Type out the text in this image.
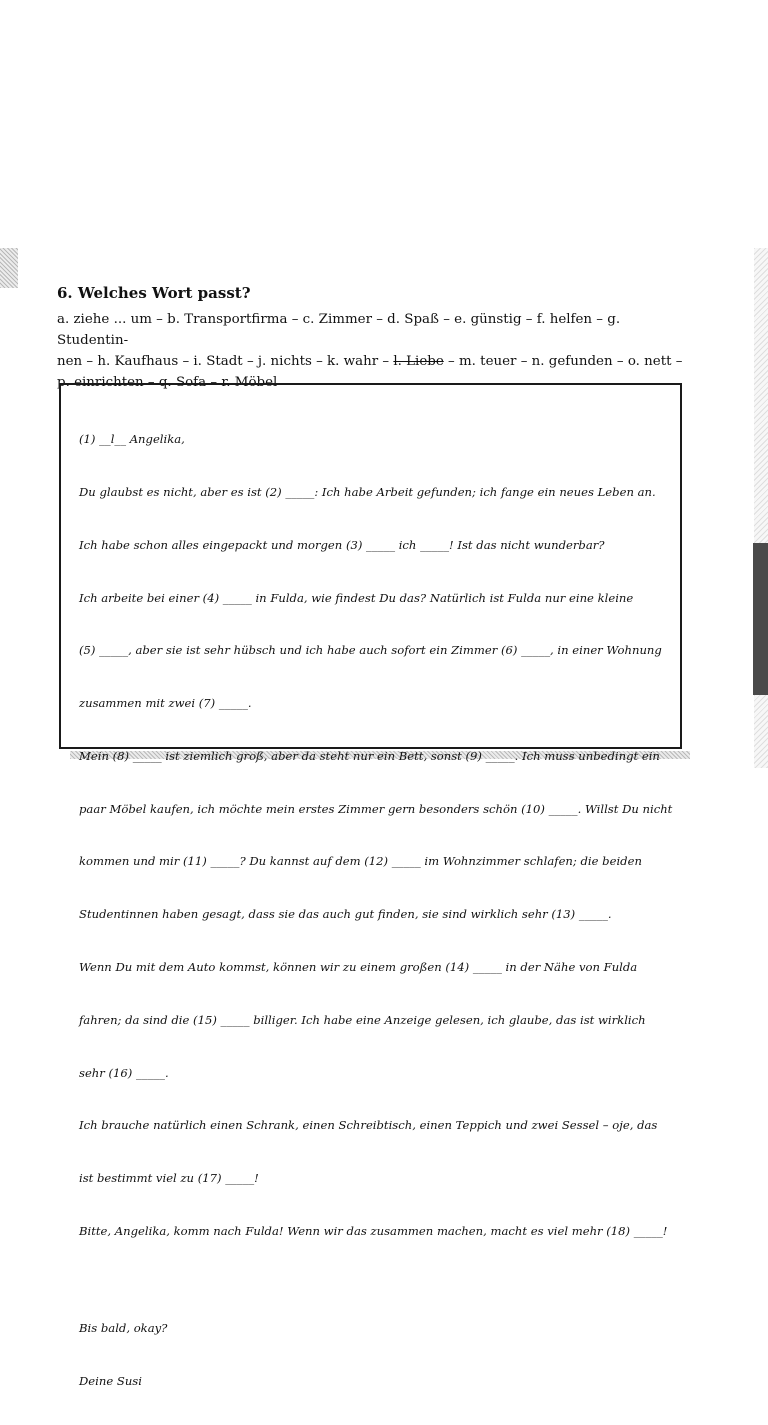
6. Welches Wort passt?

a. ziehe ... um – b. Transportfirma – c. Zimmer – d. Spaß – e. günstig – f. helfen – g. Studentin-
nen – h. Kaufhaus – i. Stadt – j. nichts – k. wahr – l. Liebe – m. teuer – n. gefunden – o. nett –
p. einrichten – q. Sofa – r. Möbel

(1) __l__ Angelika,

Du glaubst es nicht, aber es ist (2) _____: Ich habe Arbeit gefunden; ich fange ein neues Leben an.

Ich habe schon alles eingepackt und morgen (3) _____ ich _____! Ist das nicht wunderbar?

Ich arbeite bei einer (4) _____ in Fulda, wie findest Du das? Natürlich ist Fulda nur eine kleine

(5) _____, aber sie ist sehr hübsch und ich habe auch sofort ein Zimmer (6) _____, in einer Wohnung

zusammen mit zwei (7) _____.

Mein (8) _____ ist ziemlich groß, aber da steht nur ein Bett, sonst (9) _____. Ich muss unbedingt ein

paar Möbel kaufen, ich möchte mein erstes Zimmer gern besonders schön (10) _____. Willst Du nicht

kommen und mir (11) _____? Du kannst auf dem (12) _____ im Wohnzimmer schlafen; die beiden

Studentinnen haben gesagt, dass sie das auch gut finden, sie sind wirklich sehr (13) _____.

Wenn Du mit dem Auto kommst, können wir zu einem großen (14) _____ in der Nähe von Fulda

fahren; da sind die (15) _____ billiger. Ich habe eine Anzeige gelesen, ich glaube, das ist wirklich

sehr (16) _____.

Ich brauche natürlich einen Schrank, einen Schreibtisch, einen Teppich und zwei Sessel – oje, das

ist bestimmt viel zu (17) _____!

Bitte, Angelika, komm nach Fulda! Wenn wir das zusammen machen, macht es viel mehr (18) _____!

Bis bald, okay?

Deine Susi
